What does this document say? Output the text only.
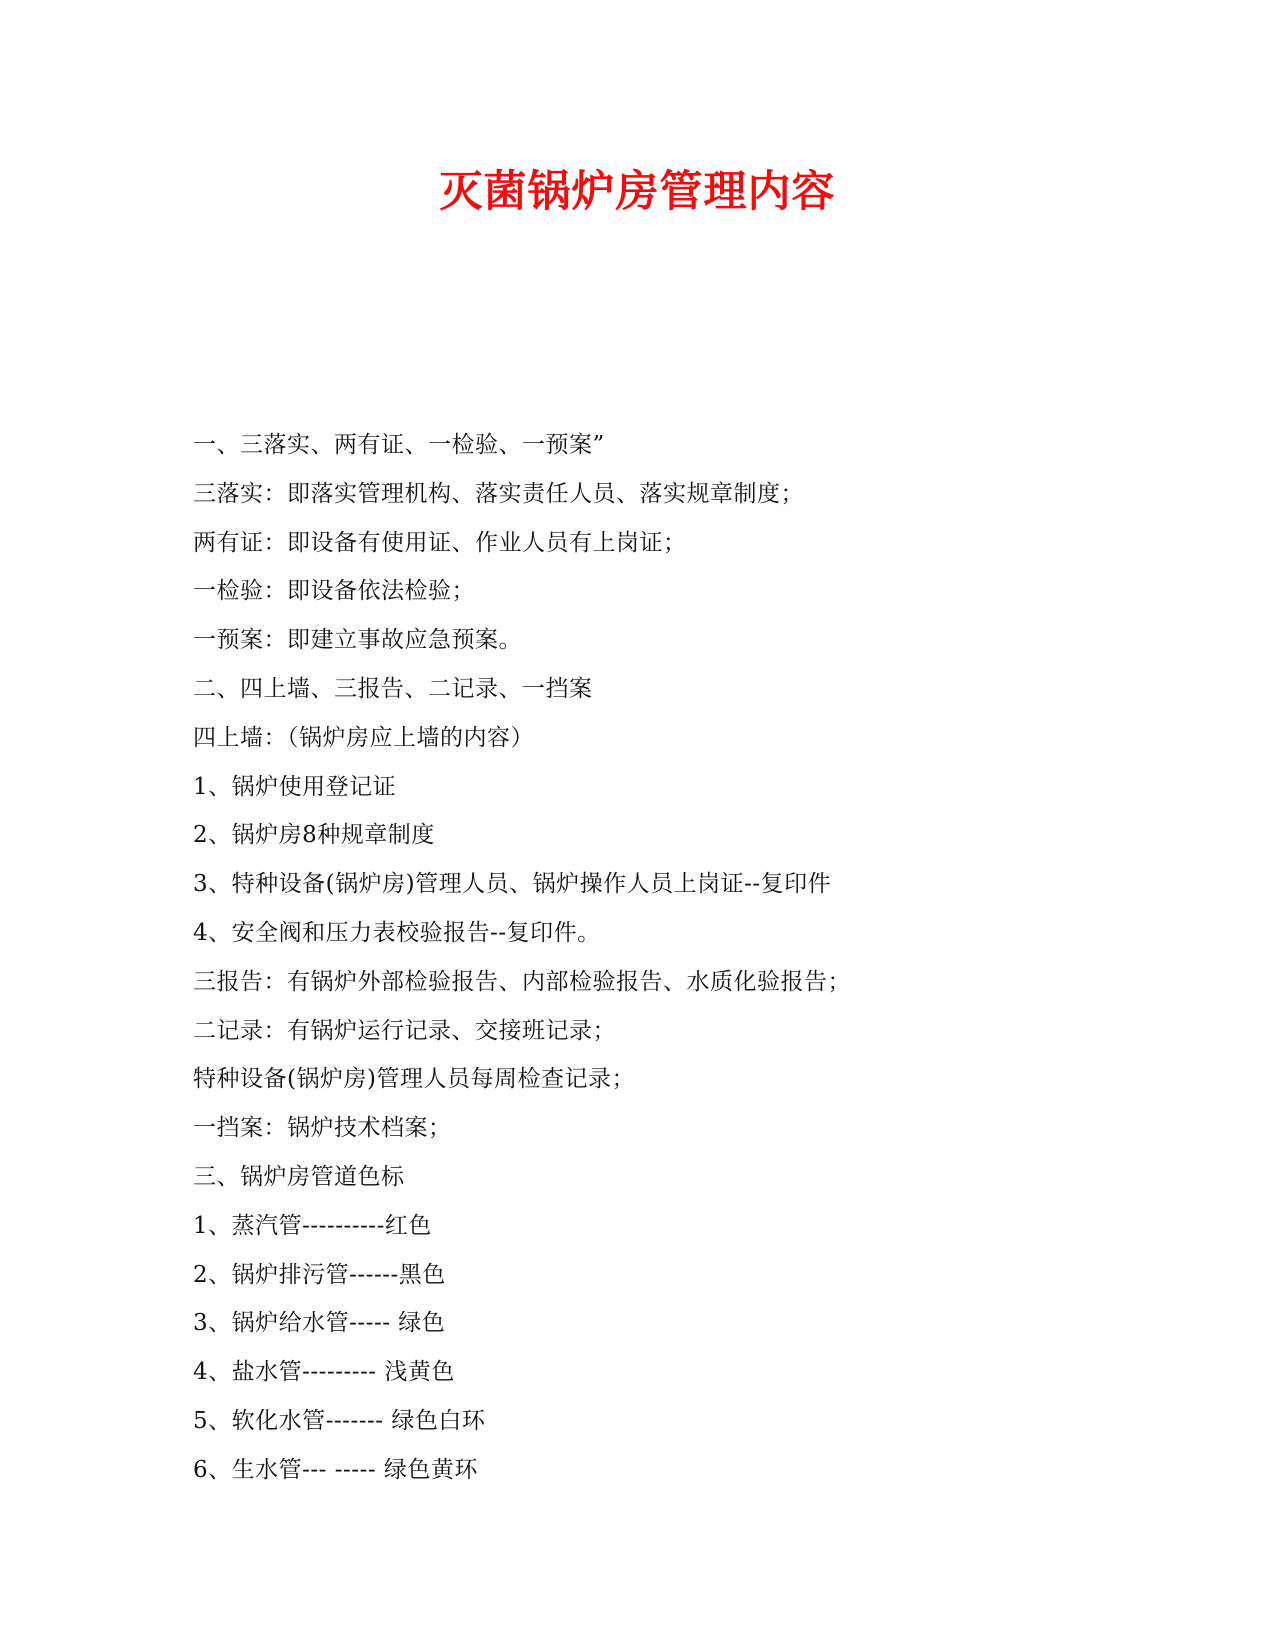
灭菌锅炉房管理内容
一、三落实、两有证、一检验、一预案”
三落实：即落实管理机构、落实责任人员、落实规章制度；
两有证：即设备有使用证、作业人员有上岗证；
一检验：即设备依法检验；
一预案：即建立事故应急预案。
二、四上墙、三报告、二记录、一挡案
四上墙：（锅炉房应上墙的内容）
1、锅炉使用登记证
2、锅炉房8种规章制度
3、特种设备(锅炉房)管理人员、锅炉操作人员上岗证--复印件
4、安全阀和压力表校验报告--复印件。
三报告：有锅炉外部检验报告、内部检验报告、水质化验报告；
二记录：有锅炉运行记录、交接班记录；
特种设备(锅炉房)管理人员每周检查记录；
一挡案：锅炉技术档案；
三、锅炉房管道色标
1、蒸汽管----------红色
2、锅炉排污管------黑色
3、锅炉给水管----- 绿色
4、盐水管--------- 浅黄色
5、软化水管------- 绿色白环
6、生水管--- ----- 绿色黄环
